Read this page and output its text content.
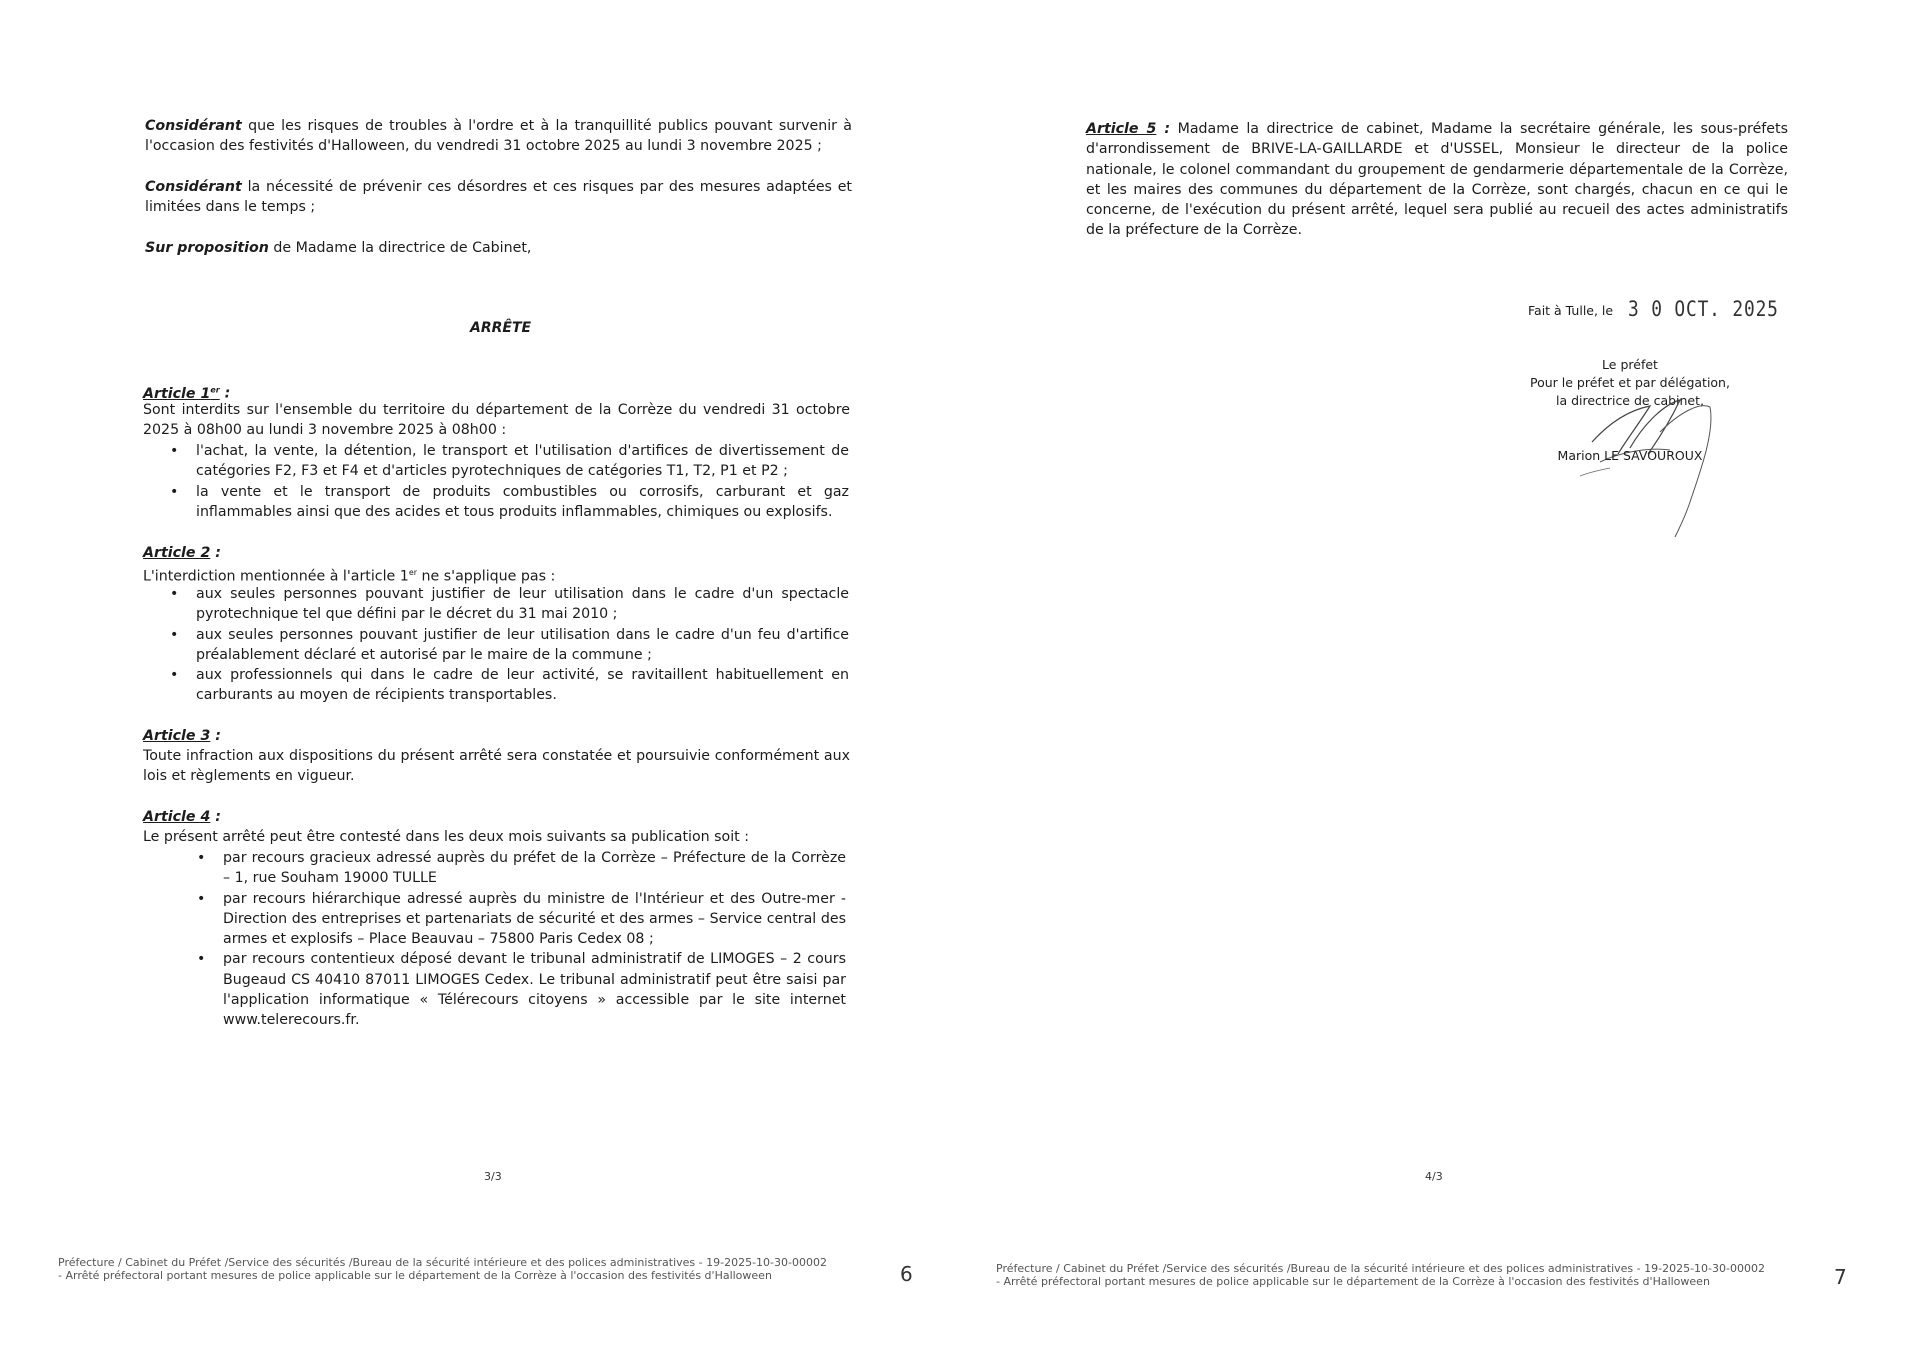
Considérant que les risques de troubles à l'ordre et à la tranquillité publics pouvant survenir à l'occasion des festivités d'Halloween, du vendredi 31 octobre 2025 au lundi 3 novembre 2025 ;

Considérant la nécessité de prévenir ces désordres et ces risques par des mesures adaptées et limitées dans le temps ;

Sur proposition de Madame la directrice de Cabinet,

ARRÊTE
Article 1er :

Sont interdits sur l'ensemble du territoire du département de la Corrèze du vendredi 31 octobre 2025 à 08h00 au lundi 3 novembre 2025 à 08h00 :

• l'achat, la vente, la détention, le transport et l'utilisation d'artifices de divertissement de catégories F2, F3 et F4 et d'articles pyrotechniques de catégories T1, T2, P1 et P2 ;
• la vente et le transport de produits combustibles ou corrosifs, carburant et gaz inflammables ainsi que des acides et tous produits inflammables, chimiques ou explosifs.
Article 2 :

L'interdiction mentionnée à l'article 1er ne s'applique pas :

• aux seules personnes pouvant justifier de leur utilisation dans le cadre d'un spectacle pyrotechnique tel que défini par le décret du 31 mai 2010 ;
• aux seules personnes pouvant justifier de leur utilisation dans le cadre d'un feu d'artifice préalablement déclaré et autorisé par le maire de la commune ;
• aux professionnels qui dans le cadre de leur activité, se ravitaillent habituellement en carburants au moyen de récipients transportables.
Article 3 :

Toute infraction aux dispositions du présent arrêté sera constatée et poursuivie conformément aux lois et règlements en vigueur.

Article 4 :

Le présent arrêté peut être contesté dans les deux mois suivants sa publication soit :

• par recours gracieux adressé auprès du préfet de la Corrèze – Préfecture de la Corrèze – 1, rue Souham 19000 TULLE
• par recours hiérarchique adressé auprès du ministre de l'Intérieur et des Outre-mer - Direction des entreprises et partenariats de sécurité et des armes – Service central des armes et explosifs – Place Beauvau – 75800 Paris Cedex 08 ;
• par recours contentieux déposé devant le tribunal administratif de LIMOGES – 2 cours Bugeaud CS 40410 87011 LIMOGES Cedex. Le tribunal administratif peut être saisi par l'application informatique « Télérecours citoyens » accessible par le site internet www.telerecours.fr.
3/3
Préfecture / Cabinet du Préfet /Service des sécurités /Bureau de la sécurité intérieure et des polices administratives - 19-2025-10-30-00002 - Arrêté préfectoral portant mesures de police applicable sur le département de la Corrèze à l'occasion des festivités d'Halloween	6

Article 5 : Madame la directrice de cabinet, Madame la secrétaire générale, les sous-préfets d'arrondissement de BRIVE-LA-GAILLARDE et d'USSEL, Monsieur le directeur de la police nationale, le colonel commandant du groupement de gendarmerie départementale de la Corrèze, et les maires des communes du département de la Corrèze, sont chargés, chacun en ce qui le concerne, de l'exécution du présent arrêté, lequel sera publié au recueil des actes administratifs de la préfecture de la Corrèze.

Fait à Tulle, le 3 0 OCT. 2025
Le préfet
Pour le préfet et par délégation,
la directrice de cabinet,
Marion LE SAVOUROUX
4/3
Préfecture / Cabinet du Préfet /Service des sécurités /Bureau de la sécurité intérieure et des polices administratives - 19-2025-10-30-00002 - Arrêté préfectoral portant mesures de police applicable sur le département de la Corrèze à l'occasion des festivités d'Halloween	7
